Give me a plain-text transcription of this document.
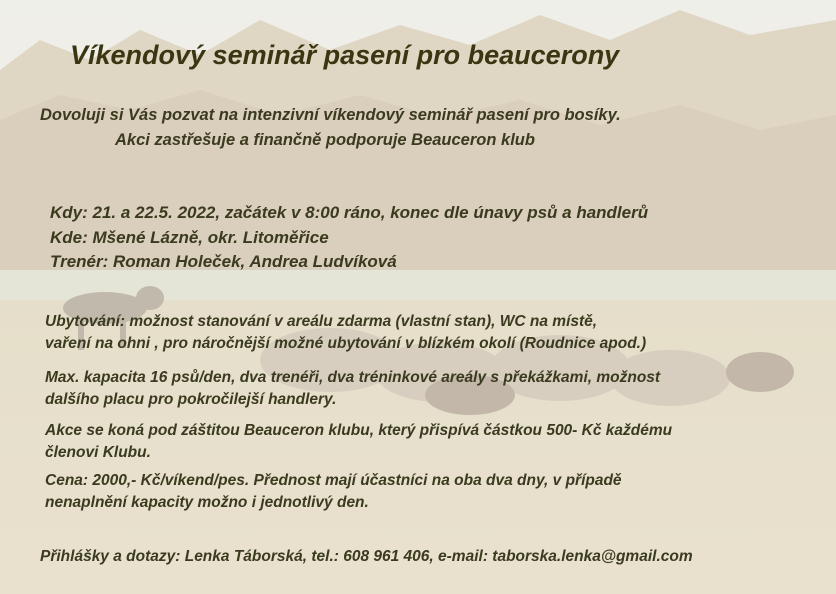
Víkendový seminář pasení pro beaucerony

Dovoluji si Vás pozvat na intenzivní víkendový seminář pasení pro bosíky.

Akci zastřešuje a finančně podporuje Beauceron klub

Kdy: 21. a 22.5. 2022, začátek v 8:00 ráno, konec dle únavy psů a handlerů

Kde: Mšené Lázně, okr. Litoměřice

Trenér: Roman Holeček, Andrea Ludvíková

Ubytování: možnost stanování v areálu zdarma (vlastní stan), WC na místě,

vaření na ohni , pro náročnější možné ubytování v blízkém okolí (Roudnice apod.)

Max. kapacita 16 psů/den, dva trenéři, dva tréninkové areály s překážkami, možnost

dalšího placu pro pokročilejší handlery.

Akce se koná pod záštitou Beauceron klubu, který přispívá částkou 500- Kč každému

členovi Klubu.

Cena: 2000,- Kč/víkend/pes. Přednost mají účastníci na oba dva dny, v případě

nenaplnění kapacity možno i jednotlivý den.

Přihlášky a dotazy: Lenka Táborská, tel.: 608 961 406, e-mail: taborska.lenka@gmail.com
